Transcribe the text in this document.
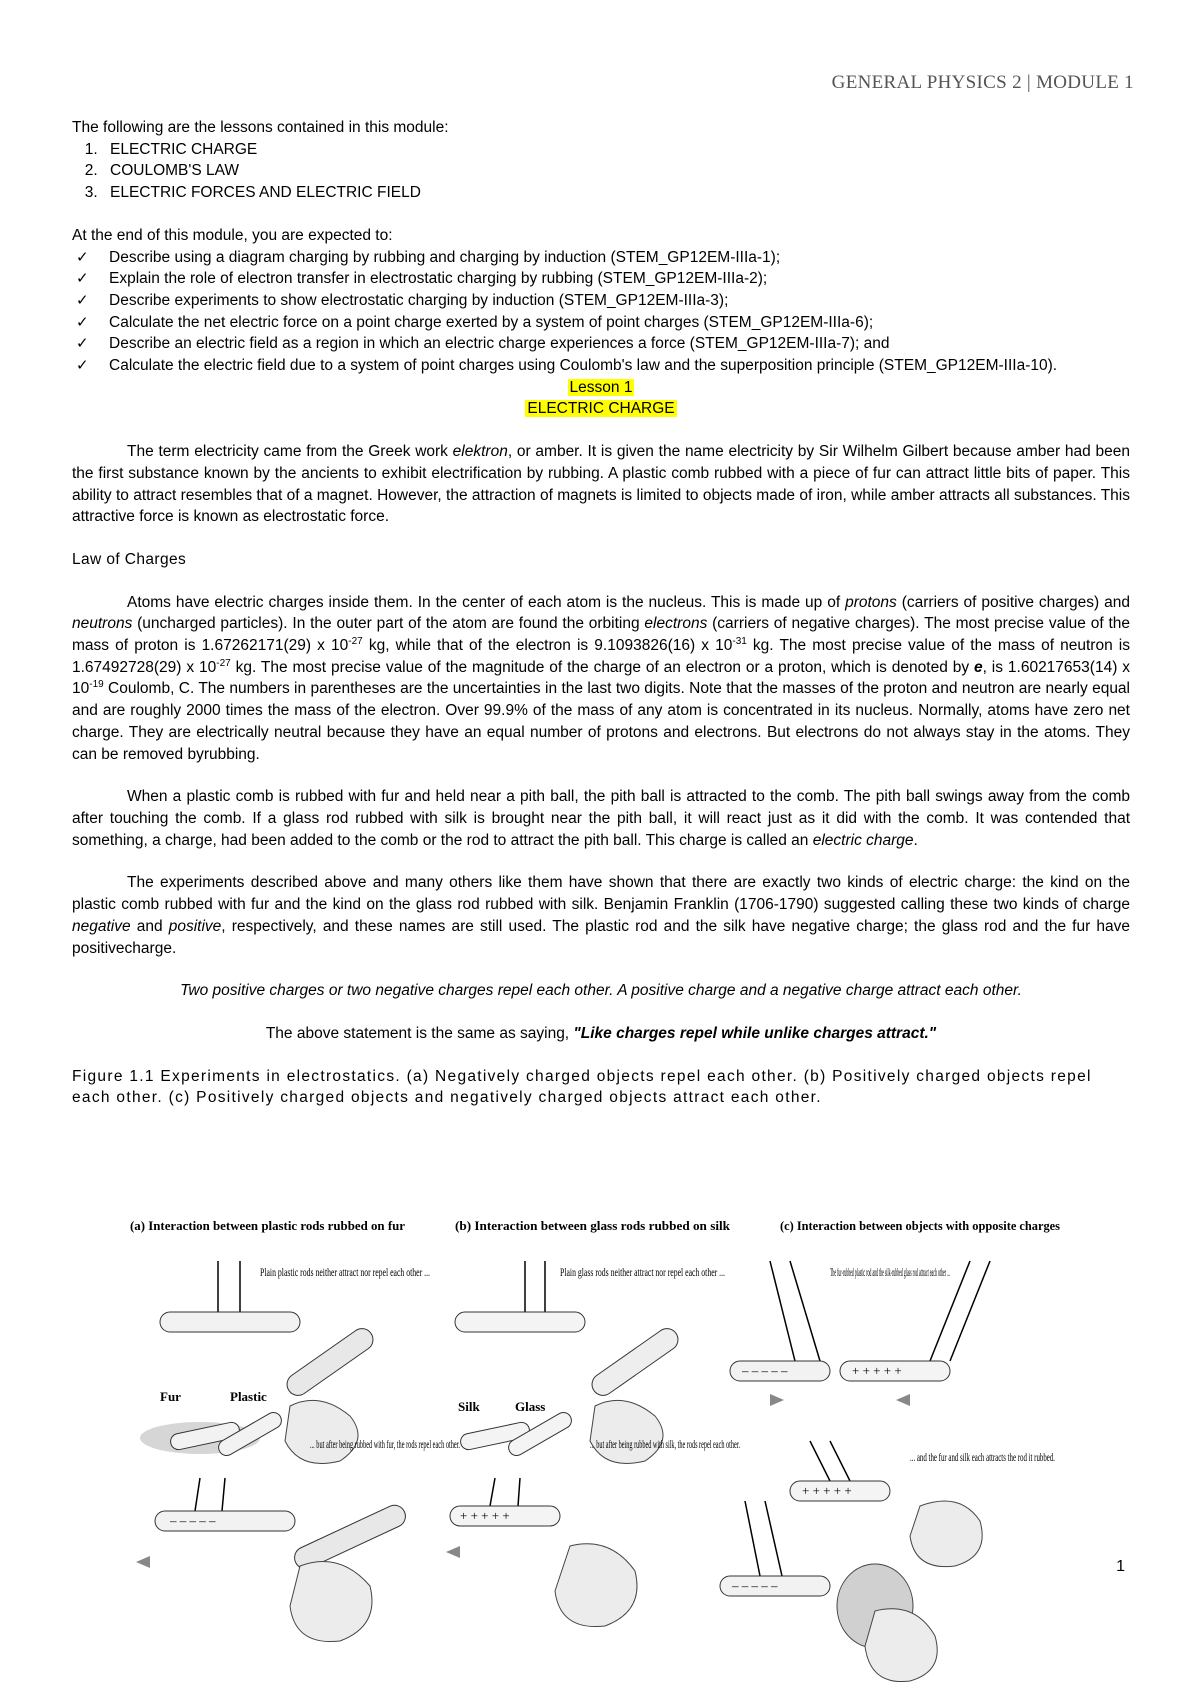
GENERAL PHYSICS 2 | MODULE 1
The following are the lessons contained in this module:
1. ELECTRIC CHARGE
2. COULOMB'S LAW
3. ELECTRIC FORCES AND ELECTRIC FIELD
At the end of this module, you are expected to:
✓ Describe using a diagram charging by rubbing and charging by induction (STEM_GP12EM-IIIa-1);
✓ Explain the role of electron transfer in electrostatic charging by rubbing (STEM_GP12EM-IIIa-2);
✓ Describe experiments to show electrostatic charging by induction (STEM_GP12EM-IIIa-3);
✓ Calculate the net electric force on a point charge exerted by a system of point charges (STEM_GP12EM-IIIa-6);
✓ Describe an electric field as a region in which an electric charge experiences a force (STEM_GP12EM-IIIa-7); and
✓ Calculate the electric field due to a system of point charges using Coulomb's law and the superposition principle (STEM_GP12EM-IIIa-10).
Lesson 1
ELECTRIC CHARGE

The term electricity came from the Greek work elektron, or amber. It is given the name electricity by Sir Wilhelm Gilbert because amber had been the first substance known by the ancients to exhibit electrification by rubbing. A plastic comb rubbed with a piece of fur can attract little bits of paper. This ability to attract resembles that of a magnet. However, the attraction of magnets is limited to objects made of iron, while amber attracts all substances. This attractive force is known as electrostatic force.

Law of Charges

Atoms have electric charges inside them. In the center of each atom is the nucleus. This is made up of protons (carriers of positive charges) and neutrons (uncharged particles). In the outer part of the atom are found the orbiting electrons (carriers of negative charges). The most precise value of the mass of proton is 1.67262171(29) x $10^{-27}$ kg, while that of the electron is 9.1093826(16) x $10^{-31}$ kg. The most precise value of the mass of neutron is 1.67492728(29) x $10^{-27}$ kg. The most precise value of the magnitude of the charge of an electron or a proton, which is denoted by e, is 1.60217653(14) x $10^{-19}$ Coulomb, C. The numbers in parentheses are the uncertainties in the last two digits. Note that the masses of the proton and neutron are nearly equal and are roughly 2000 times the mass of the electron. Over 99.9% of the mass of any atom is concentrated in its nucleus. Normally, atoms have zero net charge. They are electrically neutral because they have an equal number of protons and electrons. But electrons do not always stay in the atoms. They can be removed byrubbing.

When a plastic comb is rubbed with fur and held near a pith ball, the pith ball is attracted to the comb. The pith ball swings away from the comb after touching the comb. If a glass rod rubbed with silk is brought near the pith ball, it will react just as it did with the comb. It was contended that something, a charge, had been added to the comb or the rod to attract the pith ball. This charge is called an electric charge.

The experiments described above and many others like them have shown that there are exactly two kinds of electric charge: the kind on the plastic comb rubbed with fur and the kind on the glass rod rubbed with silk. Benjamin Franklin (1706-1790) suggested calling these two kinds of charge negative and positive, respectively, and these names are still used. The plastic rod and the silk have negative charge; the glass rod and the fur have positivecharge.

Two positive charges or two negative charges repel each other. A positive charge and a negative charge attract each other.

The above statement is the same as saying, "Like charges repel while unlike charges attract."

Figure 1.1 Experiments in electrostatics. (a) Negatively charged objects repel each other. (b) Positively charged objects repel each other. (c) Positively charged objects and negatively charged objects attract each other.

(a) Interaction between plastic rods rubbed on fur	(b) Interaction between glass rods rubbed on silk	(c) Interaction between objects with opposite charges
Plain plastic rods neither attract nor repel each other ...
Fur	Plastic
... but after being rubbed with fur, the rods repel each other.
– – – – –
Plain glass rods neither attract nor repel each other ...
Silk	Glass
... but after being rubbed with silk, the rods repel each other.
+ + + + +
The fur-rubbed plastic rod and the silk-rubbed glass rod attract each other ...
– – – – –	+ + + + +
+ + + + +
... and the fur and silk each attracts the rod it rubbed.
– – – – –
1
